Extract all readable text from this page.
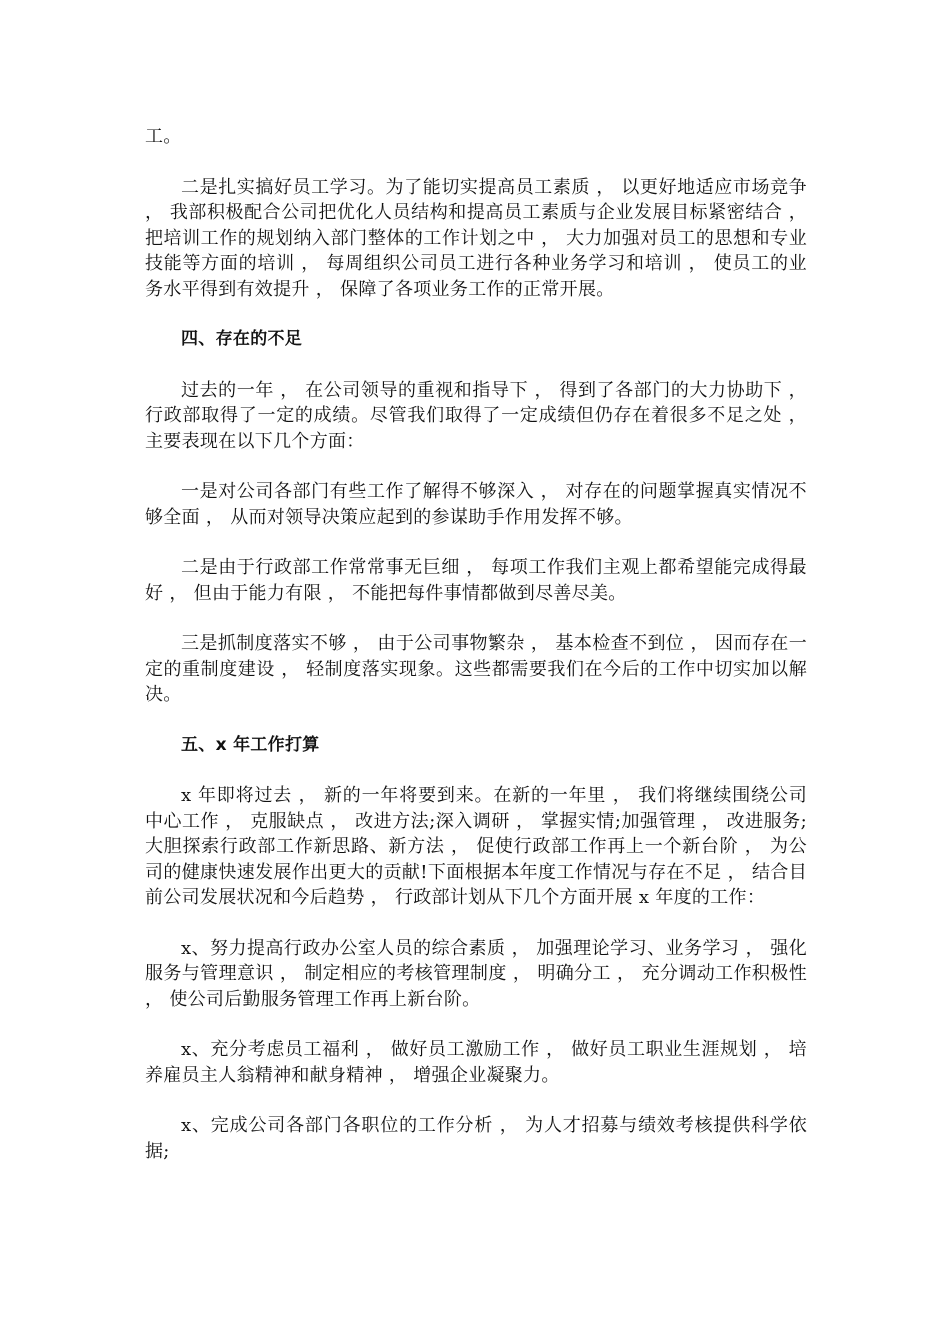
工。

二是扎实搞好员工学习。为了能切实提高员工素质 ， 以更好地适应市场竞争 ， 我部积极配合公司把优化人员结构和提高员工素质与企业发展目标紧密结合 ， 把培训工作的规划纳入部门整体的工作计划之中 ， 大力加强对员工的思想和专业技能等方面的培训 ， 每周组织公司员工进行各种业务学习和培训 ， 使员工的业务水平得到有效提升 ， 保障了各项业务工作的正常开展。

四、存在的不足

过去的一年 ， 在公司领导的重视和指导下 ， 得到了各部门的大力协助下 ， 行政部取得了一定的成绩。尽管我们取得了一定成绩但仍存在着很多不足之处 ， 主要表现在以下几个方面：

一是对公司各部门有些工作了解得不够深入 ， 对存在的问题掌握真实情况不够全面 ， 从而对领导决策应起到的参谋助手作用发挥不够。

二是由于行政部工作常常事无巨细 ， 每项工作我们主观上都希望能完成得最好 ， 但由于能力有限 ， 不能把每件事情都做到尽善尽美。

三是抓制度落实不够 ， 由于公司事物繁杂 ， 基本检查不到位 ， 因而存在一定的重制度建设 ， 轻制度落实现象。这些都需要我们在今后的工作中切实加以解决。

五、x 年工作打算

x 年即将过去 ， 新的一年将要到来。在新的一年里 ， 我们将继续围绕公司中心工作 ， 克服缺点 ， 改进方法;深入调研 ， 掌握实情;加强管理 ， 改进服务;大胆探索行政部工作新思路、新方法 ， 促使行政部工作再上一个新台阶 ， 为公司的健康快速发展作出更大的贡献!下面根据本年度工作情况与存在不足 ， 结合目前公司发展状况和今后趋势 ， 行政部计划从下几个方面开展 x 年度的工作：

x、努力提高行政办公室人员的综合素质 ， 加强理论学习、业务学习 ， 强化服务与管理意识 ， 制定相应的考核管理制度 ， 明确分工 ， 充分调动工作积极性 ， 使公司后勤服务管理工作再上新台阶。

x、充分考虑员工福利 ， 做好员工激励工作 ， 做好员工职业生涯规划 ， 培养雇员主人翁精神和献身精神 ， 增强企业凝聚力。

x、完成公司各部门各职位的工作分析 ， 为人才招募与绩效考核提供科学依据;
